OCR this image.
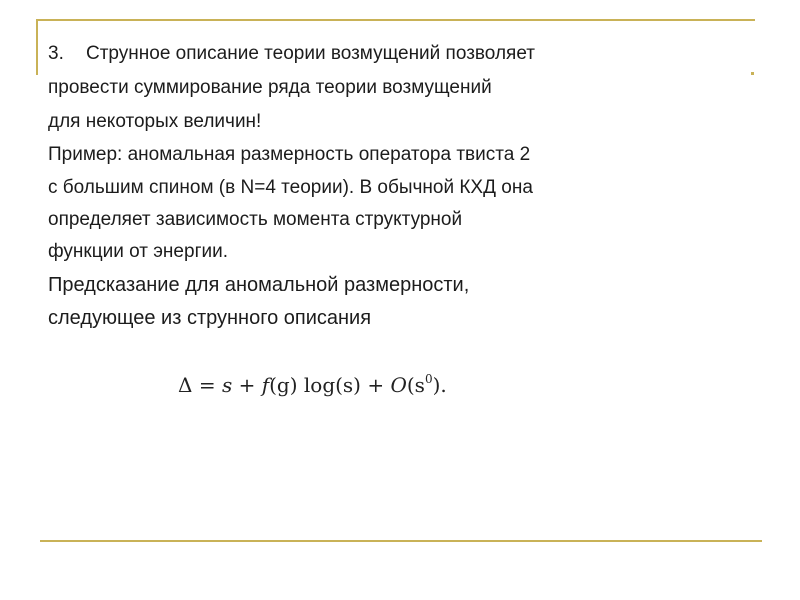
3. Струнное описание теории возмущений позволяет
провести суммирование ряда теории возмущений
для некоторых величин!
Пример: аномальная размерность оператора твиста 2
с большим спином (в N=4 теории). В обычной КХД она
определяет зависимость момента структурной
функции от энергии.
Предсказание для аномальной размерности,
следующее из струнного описания
Δ = s + f(g) $\log(s) + O(s^0)$.
